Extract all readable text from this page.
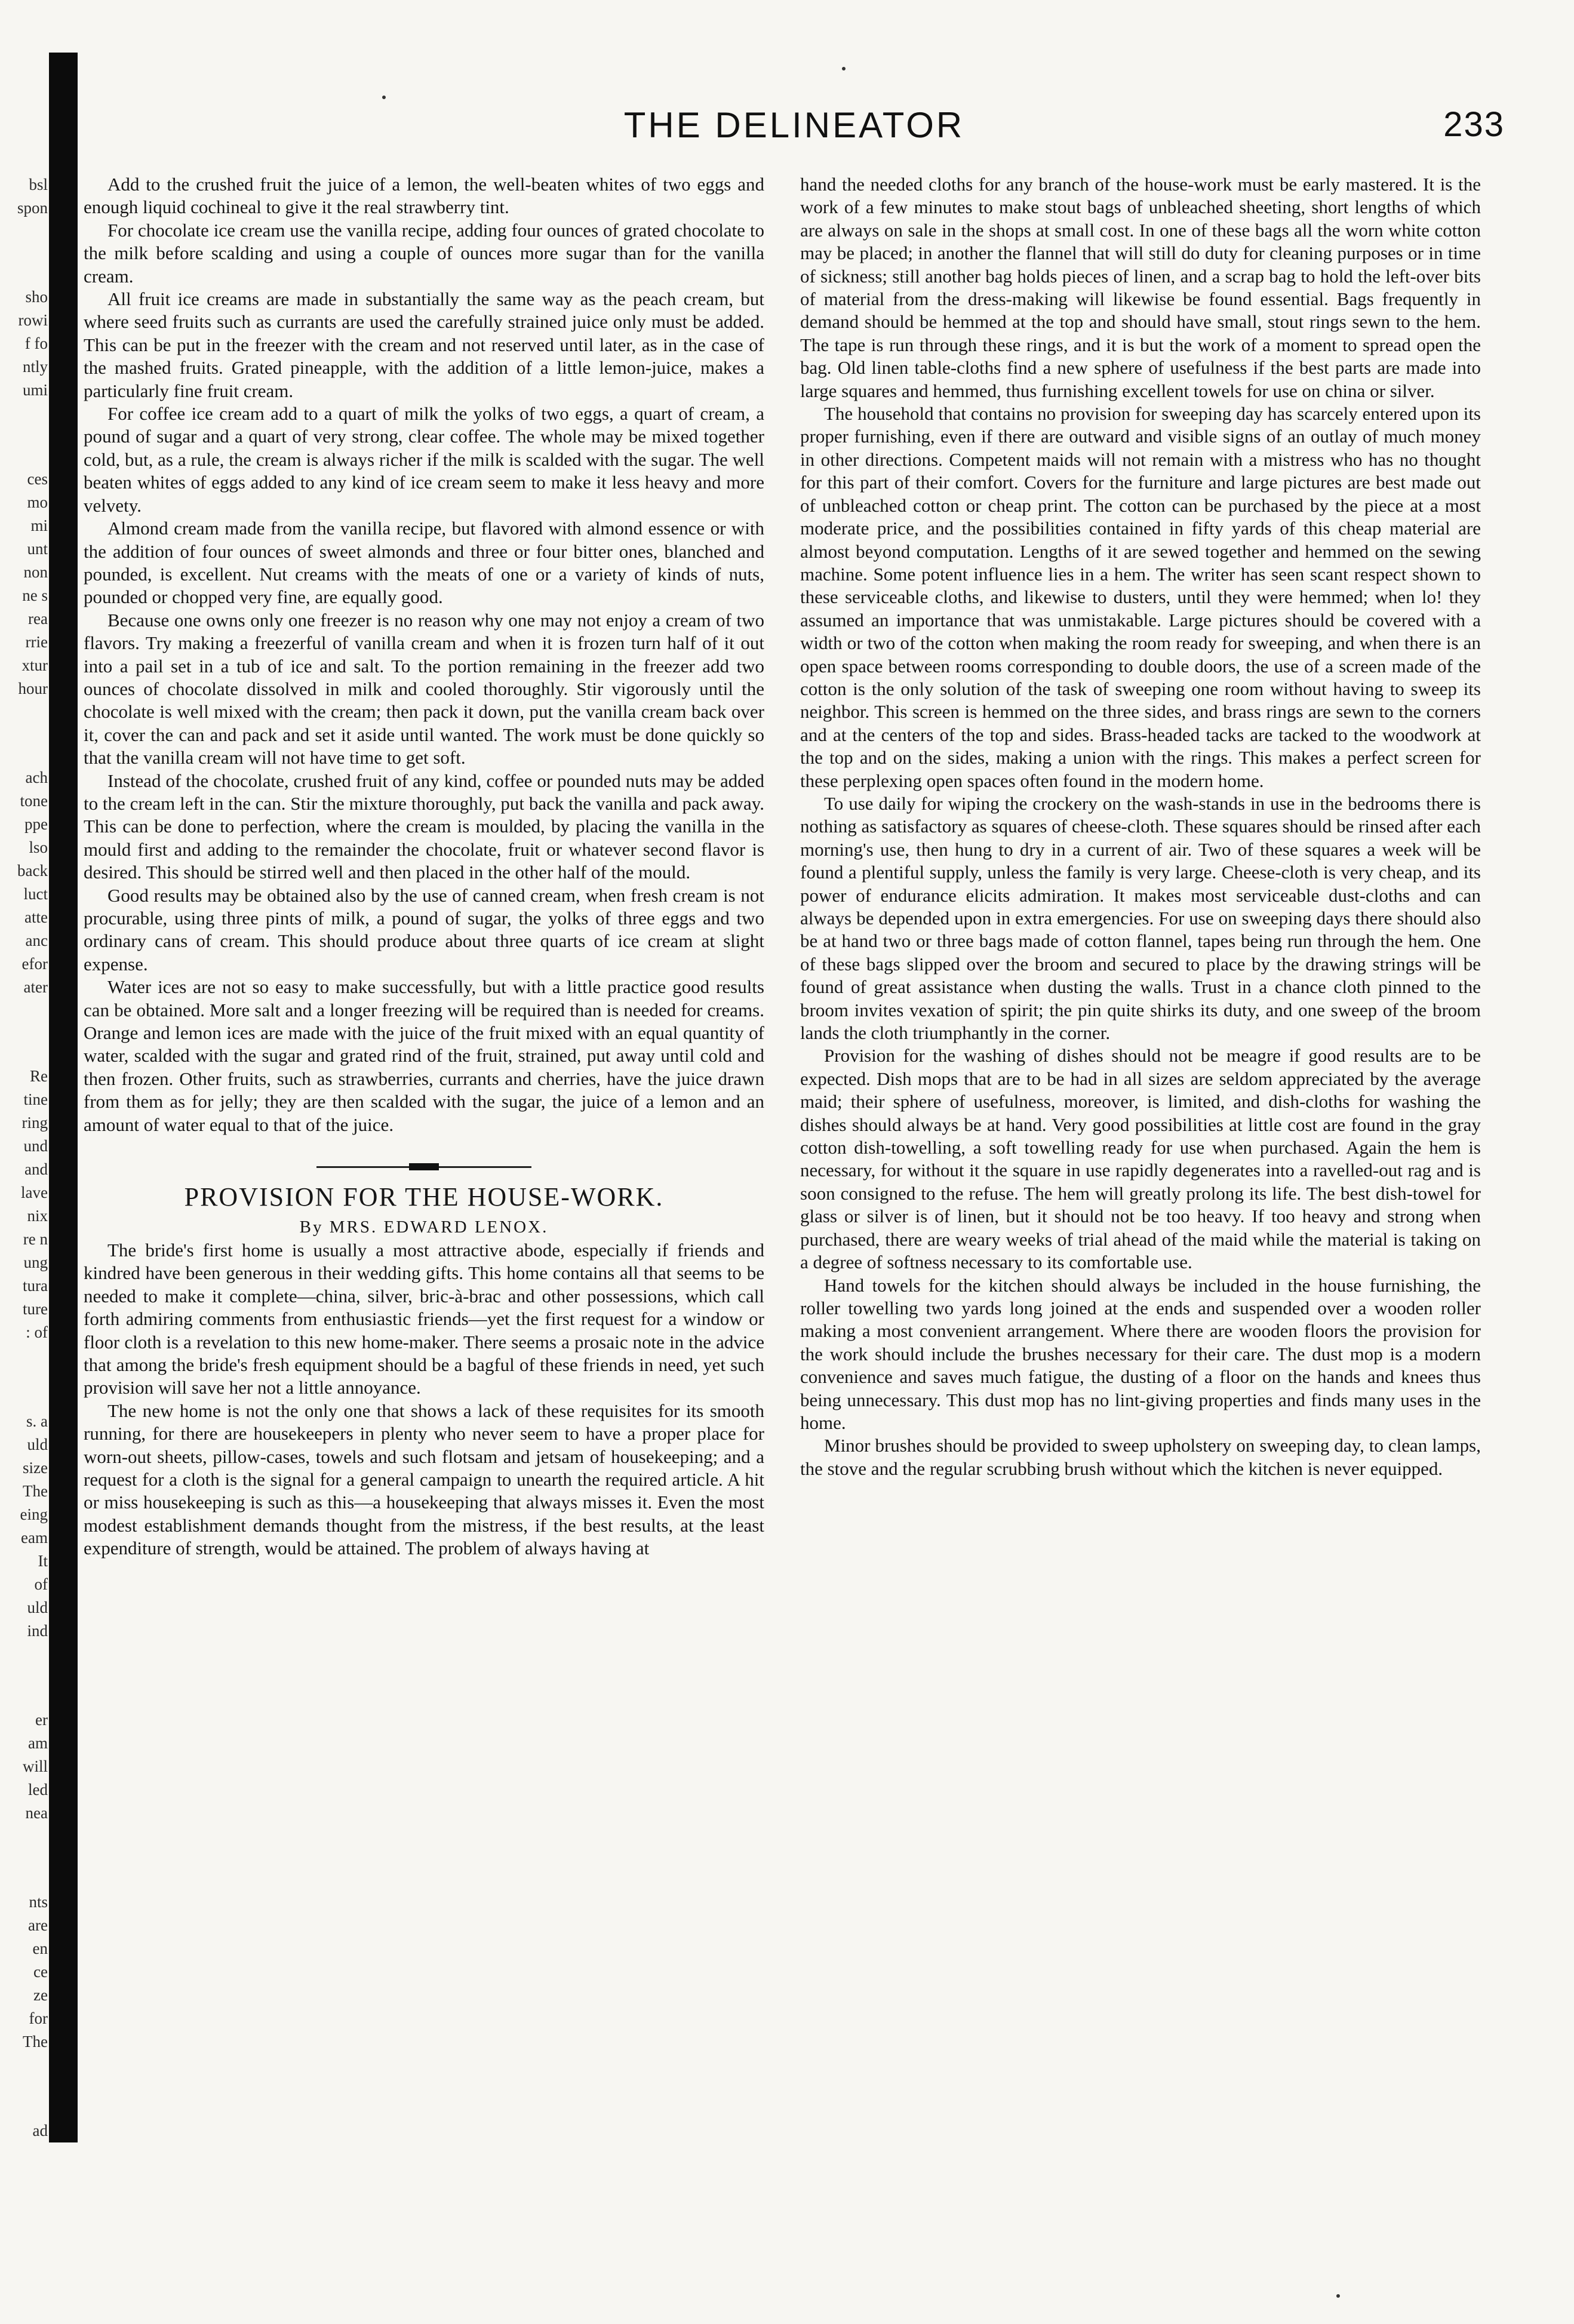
bsl
spon
sho
rowi
f fo
ntly
umi
ces
mo
mi
unt
non
ne s
rea
rrie
xtur
hour
ach
tone
ppe
lso
back
luct
atte
anc
efor
ater
Re
tine
ring
und
and
lave
nix
re n
ung
tura
ture
: of
s. a
uld
size
The
eing
eam
It
of
uld
ind
er
am
will
led
nea
nts
are
en
ce
ze
for
The
ad
THE DELINEATOR	233

Add to the crushed fruit the juice of a lemon, the well-beaten whites of two eggs and enough liquid cochineal to give it the real strawberry tint.

For chocolate ice cream use the vanilla recipe, adding four ounces of grated chocolate to the milk before scalding and using a couple of ounces more sugar than for the vanilla cream.

All fruit ice creams are made in substantially the same way as the peach cream, but where seed fruits such as currants are used the carefully strained juice only must be added. This can be put in the freezer with the cream and not reserved until later, as in the case of the mashed fruits. Grated pineapple, with the addition of a little lemon-juice, makes a particularly fine fruit cream.

For coffee ice cream add to a quart of milk the yolks of two eggs, a quart of cream, a pound of sugar and a quart of very strong, clear coffee. The whole may be mixed together cold, but, as a rule, the cream is always richer if the milk is scalded with the sugar. The well beaten whites of eggs added to any kind of ice cream seem to make it less heavy and more velvety.

Almond cream made from the vanilla recipe, but flavored with almond essence or with the addition of four ounces of sweet almonds and three or four bitter ones, blanched and pounded, is excellent. Nut creams with the meats of one or a variety of kinds of nuts, pounded or chopped very fine, are equally good.

Because one owns only one freezer is no reason why one may not enjoy a cream of two flavors. Try making a freezerful of vanilla cream and when it is frozen turn half of it out into a pail set in a tub of ice and salt. To the portion remaining in the freezer add two ounces of chocolate dissolved in milk and cooled thoroughly. Stir vigorously until the chocolate is well mixed with the cream; then pack it down, put the vanilla cream back over it, cover the can and pack and set it aside until wanted. The work must be done quickly so that the vanilla cream will not have time to get soft.

Instead of the chocolate, crushed fruit of any kind, coffee or pounded nuts may be added to the cream left in the can. Stir the mixture thoroughly, put back the vanilla and pack away. This can be done to perfection, where the cream is moulded, by placing the vanilla in the mould first and adding to the remainder the chocolate, fruit or whatever second flavor is desired. This should be stirred well and then placed in the other half of the mould.

Good results may be obtained also by the use of canned cream, when fresh cream is not procurable, using three pints of milk, a pound of sugar, the yolks of three eggs and two ordinary cans of cream. This should produce about three quarts of ice cream at slight expense.

Water ices are not so easy to make successfully, but with a little practice good results can be obtained. More salt and a longer freezing will be required than is needed for creams. Orange and lemon ices are made with the juice of the fruit mixed with an equal quantity of water, scalded with the sugar and grated rind of the fruit, strained, put away until cold and then frozen. Other fruits, such as strawberries, currants and cherries, have the juice drawn from them as for jelly; they are then scalded with the sugar, the juice of a lemon and an amount of water equal to that of the juice.

PROVISION FOR THE HOUSE-WORK.

By MRS. EDWARD LENOX.

The bride's first home is usually a most attractive abode, especially if friends and kindred have been generous in their wedding gifts. This home contains all that seems to be needed to make it complete—china, silver, bric-à-brac and other possessions, which call forth admiring comments from enthusiastic friends—yet the first request for a window or floor cloth is a revelation to this new home-maker. There seems a prosaic note in the advice that among the bride's fresh equipment should be a bagful of these friends in need, yet such provision will save her not a little annoyance.

The new home is not the only one that shows a lack of these requisites for its smooth running, for there are housekeepers in plenty who never seem to have a proper place for worn-out sheets, pillow-cases, towels and such flotsam and jetsam of housekeeping; and a request for a cloth is the signal for a general campaign to unearth the required article. A hit or miss housekeeping is such as this—a housekeeping that always misses it. Even the most modest establishment demands thought from the mistress, if the best results, at the least expenditure of strength, would be attained. The problem of always having at

hand the needed cloths for any branch of the house-work must be early mastered. It is the work of a few minutes to make stout bags of unbleached sheeting, short lengths of which are always on sale in the shops at small cost. In one of these bags all the worn white cotton may be placed; in another the flannel that will still do duty for cleaning purposes or in time of sickness; still another bag holds pieces of linen, and a scrap bag to hold the left-over bits of material from the dress-making will likewise be found essential. Bags frequently in demand should be hemmed at the top and should have small, stout rings sewn to the hem. The tape is run through these rings, and it is but the work of a moment to spread open the bag. Old linen table-cloths find a new sphere of usefulness if the best parts are made into large squares and hemmed, thus furnishing excellent towels for use on china or silver.

The household that contains no provision for sweeping day has scarcely entered upon its proper furnishing, even if there are outward and visible signs of an outlay of much money in other directions. Competent maids will not remain with a mistress who has no thought for this part of their comfort. Covers for the furniture and large pictures are best made out of unbleached cotton or cheap print. The cotton can be purchased by the piece at a most moderate price, and the possibilities contained in fifty yards of this cheap material are almost beyond computation. Lengths of it are sewed together and hemmed on the sewing machine. Some potent influence lies in a hem. The writer has seen scant respect shown to these serviceable cloths, and likewise to dusters, until they were hemmed; when lo! they assumed an importance that was unmistakable. Large pictures should be covered with a width or two of the cotton when making the room ready for sweeping, and when there is an open space between rooms corresponding to double doors, the use of a screen made of the cotton is the only solution of the task of sweeping one room without having to sweep its neighbor. This screen is hemmed on the three sides, and brass rings are sewn to the corners and at the centers of the top and sides. Brass-headed tacks are tacked to the woodwork at the top and on the sides, making a union with the rings. This makes a perfect screen for these perplexing open spaces often found in the modern home.

To use daily for wiping the crockery on the wash-stands in use in the bedrooms there is nothing as satisfactory as squares of cheese-cloth. These squares should be rinsed after each morning's use, then hung to dry in a current of air. Two of these squares a week will be found a plentiful supply, unless the family is very large. Cheese-cloth is very cheap, and its power of endurance elicits admiration. It makes most serviceable dust-cloths and can always be depended upon in extra emergencies. For use on sweeping days there should also be at hand two or three bags made of cotton flannel, tapes being run through the hem. One of these bags slipped over the broom and secured to place by the drawing strings will be found of great assistance when dusting the walls. Trust in a chance cloth pinned to the broom invites vexation of spirit; the pin quite shirks its duty, and one sweep of the broom lands the cloth triumphantly in the corner.

Provision for the washing of dishes should not be meagre if good results are to be expected. Dish mops that are to be had in all sizes are seldom appreciated by the average maid; their sphere of usefulness, moreover, is limited, and dish-cloths for washing the dishes should always be at hand. Very good possibilities at little cost are found in the gray cotton dish-towelling, a soft towelling ready for use when purchased. Again the hem is necessary, for without it the square in use rapidly degenerates into a ravelled-out rag and is soon consigned to the refuse. The hem will greatly prolong its life. The best dish-towel for glass or silver is of linen, but it should not be too heavy. If too heavy and strong when purchased, there are weary weeks of trial ahead of the maid while the material is taking on a degree of softness necessary to its comfortable use.

Hand towels for the kitchen should always be included in the house furnishing, the roller towelling two yards long joined at the ends and suspended over a wooden roller making a most convenient arrangement. Where there are wooden floors the provision for the work should include the brushes necessary for their care. The dust mop is a modern convenience and saves much fatigue, the dusting of a floor on the hands and knees thus being unnecessary. This dust mop has no lint-giving properties and finds many uses in the home.

Minor brushes should be provided to sweep upholstery on sweeping day, to clean lamps, the stove and the regular scrubbing brush without which the kitchen is never equipped.
